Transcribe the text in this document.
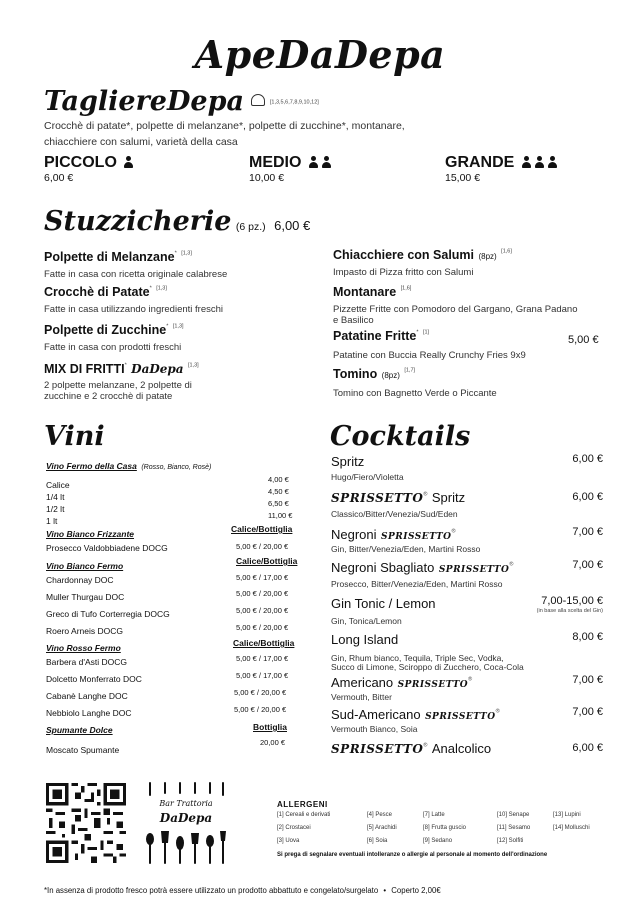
ApeDaDepa
TagliereDepa	[1,3,5,6,7,8,9,10,12]
Crocchè di patate*, polpette di melanzane*, polpette di zucchine*, montanare,
chiacchiere con salumi, varietà della casa
PICCOLO
6,00 €
MEDIO
10,00 €
GRANDE
15,00 €
Stuzzicherie (6 pz.) 6,00 €
Polpette di Melanzane* [1,3]
Fatte in casa con ricetta originale calabrese
Crocchè di Patate* [1,3]
Fatte in casa utilizzando ingredienti freschi
Polpette di Zucchine* [1,3]
Fatte in casa con prodotti freschi
MIX DI FRITTI* DaDepa [1,3]
2 polpette melanzane, 2 polpette di
zucchine e 2 crocchè di patate
Chiacchiere con Salumi (8pz) [1,6]
Impasto di Pizza fritto con Salumi
Montanare [1,6]
Pizzette Fritte con Pomodoro del Gargano, Grana Padano
e Basilico
Patatine Fritte* [1]
Patatine con Buccia Really Crunchy Fries 9x9
5,00 €
Tomino (8pz) [1,7]
Tomino con Bagnetto Verde o Piccante
Vini
Vino Fermo della Casa (Rosso, Bianco, Rosè)
Calice
4,00 €
1/4 lt
4,50 €
1/2 lt
6,50 €
1 lt
11,00 €
Vino Bianco Frizzante	Calice/Bottiglia
Prosecco Valdobbiadene DOCG	5,00 € / 20,00 €
Vino Bianco Fermo	Calice/Bottiglia
Chardonnay DOC	5,00 € / 17,00 €
Muller Thurgau DOC	5,00 € / 20,00 €
Greco di Tufo Corterregia DOCG	5,00 € / 20,00 €
Roero Arneis DOCG	5,00 € / 20,00 €
Vino Rosso Fermo	Calice/Bottiglia
Barbera d'Asti DOCG	5,00 € / 17,00 €
Dolcetto Monferrato DOC	5,00 € / 17,00 €
Cabanè Langhe DOC	5,00 € / 20,00 €
Nebbiolo Langhe DOC	5,00 € / 20,00 €
Spumante Dolce	Bottiglia
$_{Moscato Spumante}$
20,00 €
Cocktails
Spritz	6,00 €
Hugo/Fiero/Violetta
SPRISSETTO® Spritz	6,00 €
Classico/Bitter/Venezia/Sud/Eden
Negroni SPRISSETTO®	7,00 €
Gin, Bitter/Venezia/Eden, Martini Rosso
Negroni Sbagliato SPRISSETTO®	7,00 €
Prosecco, Bitter/Venezia/Eden, Martini Rosso
Gin Tonic / Lemon	7,00-15,00 €
(in base alla scelta del Gin)
Gin, Tonica/Lemon
Long Island	8,00 €
Gin, Rhum bianco, Tequila, Triple Sec, Vodka,
Succo di Limone, Sciroppo di Zucchero, Coca-Cola
Americano SPRISSETTO®	7,00 €
Vermouth, Bitter
Sud-Americano SPRISSETTO®	7,00 €
Vermouth Bianco, Soia
SPRISSETTO® Analcolico	6,00 €
Bar Trattoria
DaDepa
ALLERGENI
[1] Cereali e derivati	[4] Pesce	[7] Latte	[10] Senape	[13] Lupini
[2] Crostacei	[5] Arachidi	[8] Frutta guscio	[11] Sesamo	[14] Molluschi
[3] Uova	[6] Soia	[9] Sedano	[12] Solfiti
Si prega di segnalare eventuali intolleranze o allergie al personale al momento dell'ordinazione
*In assenza di prodotto fresco potrà essere utilizzato un prodotto abbattuto e congelato/surgelato • Coperto 2,00€
